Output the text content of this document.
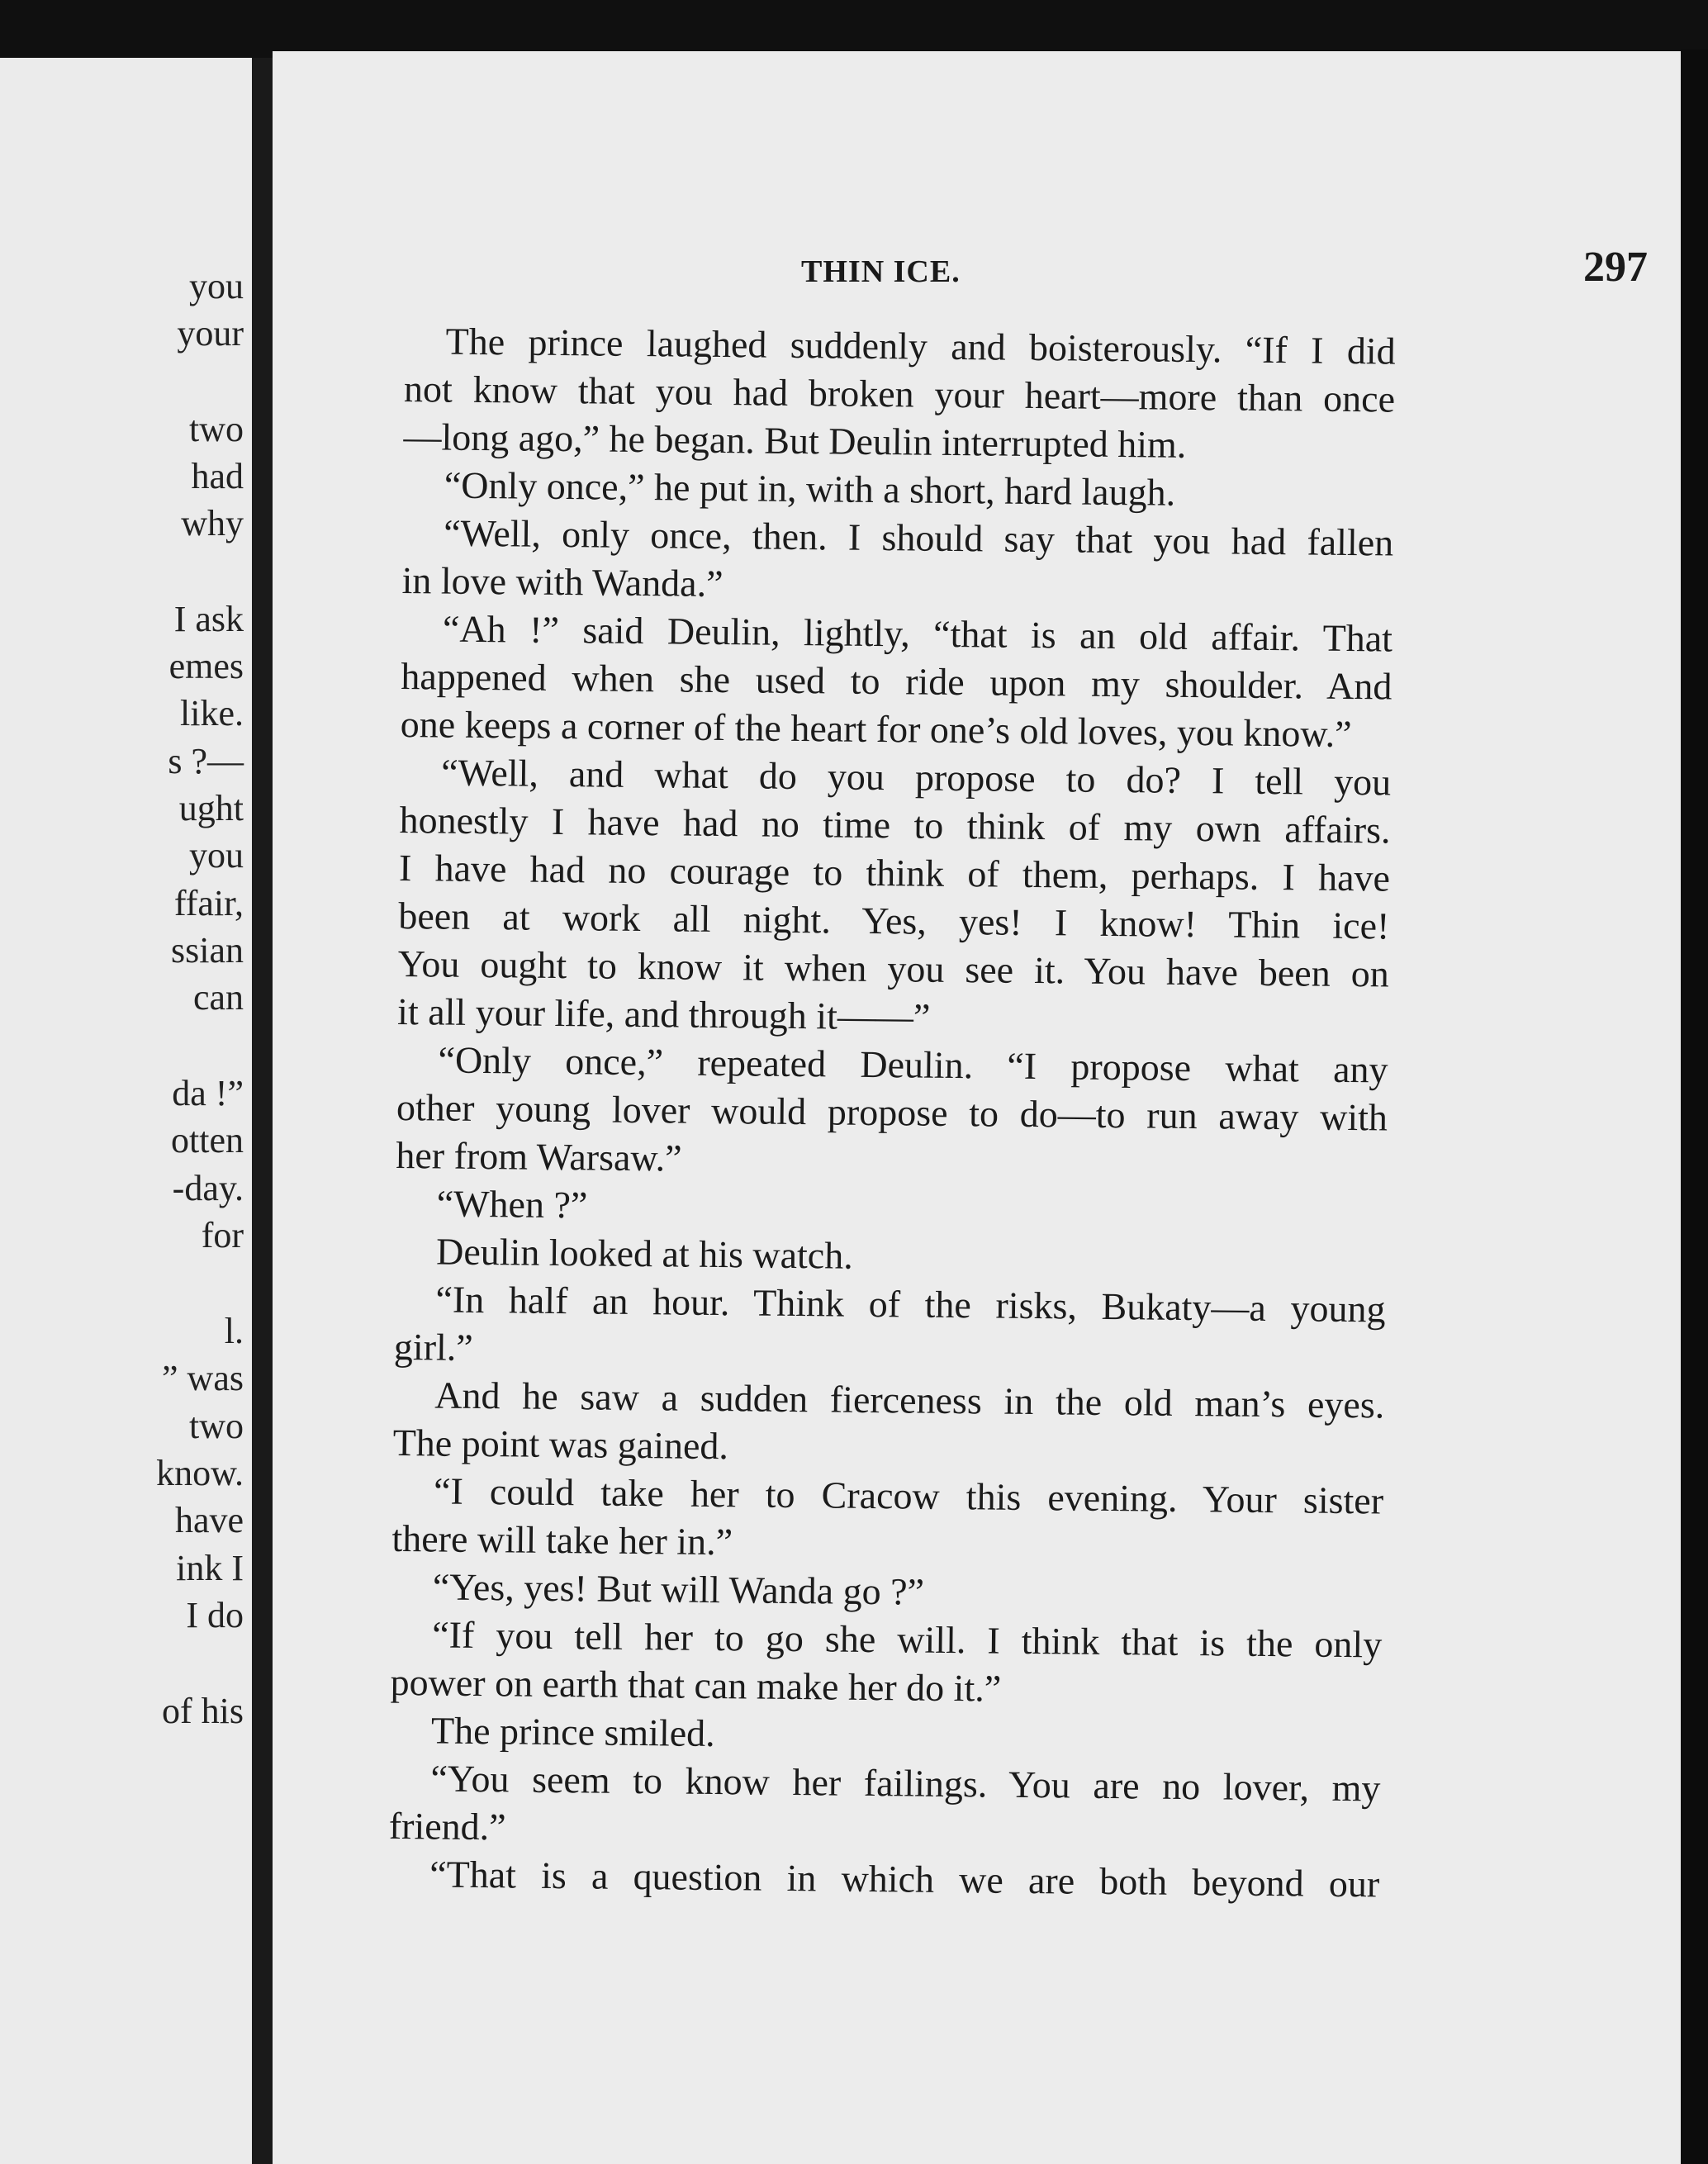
you
your
two
had
why
I ask
emes
like.
s ?—
ught
you
ffair,
ssian
can
da !”
otten
-day.
for
l.
” was
two
know.
have
ink I
I do
of his
THIN ICE.	297
The prince laughed suddenly and boisterously. “If I did
not know that you had broken your heart—more than once
—long ago,” he began. But Deulin interrupted him.
“Only once,” he put in, with a short, hard laugh.
“Well, only once, then. I should say that you had fallen
in love with Wanda.”
“Ah !” said Deulin, lightly, “that is an old affair. That
happened when she used to ride upon my shoulder. And
one keeps a corner of the heart for one’s old loves, you know.”
“Well, and what do you propose to do? I tell you
honestly I have had no time to think of my own affairs.
I have had no courage to think of them, perhaps. I have
been at work all night. Yes, yes! I know! Thin ice!
You ought to know it when you see it. You have been on
it all your life, and through it——”
“Only once,” repeated Deulin. “I propose what any
other young lover would propose to do—to run away with
her from Warsaw.”
“When ?”
Deulin looked at his watch.
“In half an hour. Think of the risks, Bukaty—a young
girl.”
And he saw a sudden fierceness in the old man’s eyes.
The point was gained.
“I could take her to Cracow this evening. Your sister
there will take her in.”
“Yes, yes! But will Wanda go ?”
“If you tell her to go she will. I think that is the only
power on earth that can make her do it.”
The prince smiled.
“You seem to know her failings. You are no lover, my
friend.”
“That is a question in which we are both beyond our
